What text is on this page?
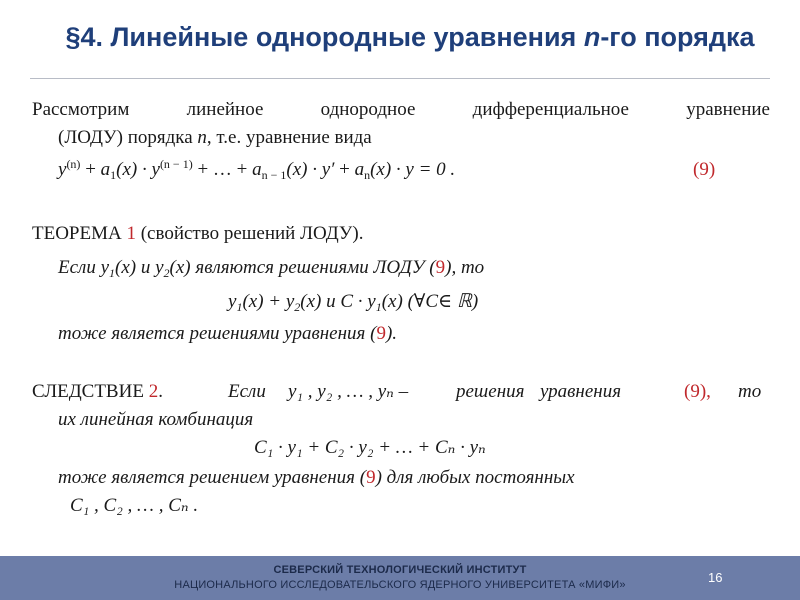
§4. Линейные однородные уравнения n-го порядка
Рассмотрим линейное однородное дифференциальное уравнение
(ЛОДУ) порядка n, т.е. уравнение вида
$y^{(n)} + a_1(x) \cdot y^{(n - 1)}$ + … + $a_{n - 1}(x) \cdot y' + a_n(x) \cdot y = 0$ .	(9)
ТЕОРЕМА 1 (свойство решений ЛОДУ).
Если $y_1(x)$ и $y_2(x)$ являются решениями ЛОДУ (9), то
$y_1(x) + y_2(x)$ и $C \cdot y_1(x)$ (∀C∈ ℝ)
тоже является решениями уравнения (9).
СЛЕДСТВИЕ 2.	Если y₁ , y₂ , … , yₙ –	решения уравнения	(9), то
их линейная комбинация
C₁ · y₁ + C₂ · y₂ + … + Cₙ · yₙ
тоже является решением уравнения (9) для любых постоянных
C₁ , C₂ , … , Cₙ .
СЕВЕРСКИЙ ТЕХНОЛОГИЧЕСКИЙ ИНСТИТУТ
НАЦИОНАЛЬНОГО ИССЛЕДОВАТЕЛЬСКОГО ЯДЕРНОГО УНИВЕРСИТЕТА «МИФИ»	16
